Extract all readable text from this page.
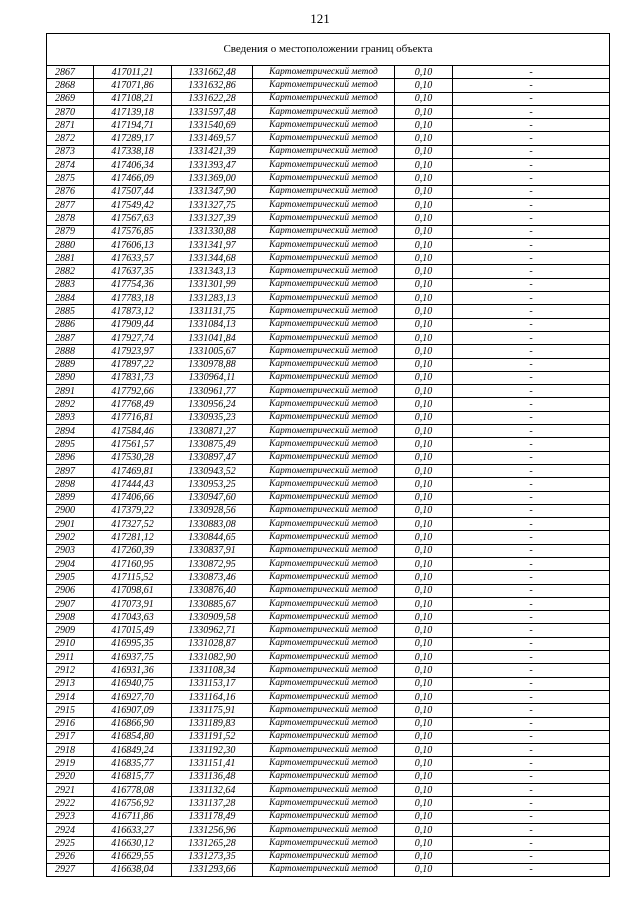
121
Сведения о местоположении границ объекта					
2867	417011,21	1331662,48	Картометрический метод	0,10	-
2868	417071,86	1331632,86	Картометрический метод	0,10	-
2869	417108,21	1331622,28	Картометрический метод	0,10	-
2870	417139,18	1331597,48	Картометрический метод	0,10	-
2871	417194,71	1331540,69	Картометрический метод	0,10	-
2872	417289,17	1331469,57	Картометрический метод	0,10	-
2873	417338,18	1331421,39	Картометрический метод	0,10	-
2874	417406,34	1331393,47	Картометрический метод	0,10	-
2875	417466,09	1331369,00	Картометрический метод	0,10	-
2876	417507,44	1331347,90	Картометрический метод	0,10	-
2877	417549,42	1331327,75	Картометрический метод	0,10	-
2878	417567,63	1331327,39	Картометрический метод	0,10	-
2879	417576,85	1331330,88	Картометрический метод	0,10	-
2880	417606,13	1331341,97	Картометрический метод	0,10	-
2881	417633,57	1331344,68	Картометрический метод	0,10	-
2882	417637,35	1331343,13	Картометрический метод	0,10	-
2883	417754,36	1331301,99	Картометрический метод	0,10	-
2884	417783,18	1331283,13	Картометрический метод	0,10	-
2885	417873,12	1331131,75	Картометрический метод	0,10	-
2886	417909,44	1331084,13	Картометрический метод	0,10	-
2887	417927,74	1331041,84	Картометрический метод	0,10	-
2888	417923,97	1331005,67	Картометрический метод	0,10	-
2889	417897,22	1330978,88	Картометрический метод	0,10	-
2890	417831,73	1330964,11	Картометрический метод	0,10	-
2891	417792,66	1330961,77	Картометрический метод	0,10	-
2892	417768,49	1330956,24	Картометрический метод	0,10	-
2893	417716,81	1330935,23	Картометрический метод	0,10	-
2894	417584,46	1330871,27	Картометрический метод	0,10	-
2895	417561,57	1330875,49	Картометрический метод	0,10	-
2896	417530,28	1330897,47	Картометрический метод	0,10	-
2897	417469,81	1330943,52	Картометрический метод	0,10	-
2898	417444,43	1330953,25	Картометрический метод	0,10	-
2899	417406,66	1330947,60	Картометрический метод	0,10	-
2900	417379,22	1330928,56	Картометрический метод	0,10	-
2901	417327,52	1330883,08	Картометрический метод	0,10	-
2902	417281,12	1330844,65	Картометрический метод	0,10	-
2903	417260,39	1330837,91	Картометрический метод	0,10	-
2904	417160,95	1330872,95	Картометрический метод	0,10	-
2905	417115,52	1330873,46	Картометрический метод	0,10	-
2906	417098,61	1330876,40	Картометрический метод	0,10	-
2907	417073,91	1330885,67	Картометрический метод	0,10	-
2908	417043,63	1330909,58	Картометрический метод	0,10	-
2909	417015,49	1330962,71	Картометрический метод	0,10	-
2910	416995,35	1331028,87	Картометрический метод	0,10	-
2911	416937,75	1331082,90	Картометрический метод	0,10	-
2912	416931,36	1331108,34	Картометрический метод	0,10	-
2913	416940,75	1331153,17	Картометрический метод	0,10	-
2914	416927,70	1331164,16	Картометрический метод	0,10	-
2915	416907,09	1331175,91	Картометрический метод	0,10	-
2916	416866,90	1331189,83	Картометрический метод	0,10	-
2917	416854,80	1331191,52	Картометрический метод	0,10	-
2918	416849,24	1331192,30	Картометрический метод	0,10	-
2919	416835,77	1331151,41	Картометрический метод	0,10	-
2920	416815,77	1331136,48	Картометрический метод	0,10	-
2921	416778,08	1331132,64	Картометрический метод	0,10	-
2922	416756,92	1331137,28	Картометрический метод	0,10	-
2923	416711,86	1331178,49	Картометрический метод	0,10	-
2924	416633,27	1331256,96	Картометрический метод	0,10	-
2925	416630,12	1331265,28	Картометрический метод	0,10	-
2926	416629,55	1331273,35	Картометрический метод	0,10	-
2927	416638,04	1331293,66	Картометрический метод	0,10	-
